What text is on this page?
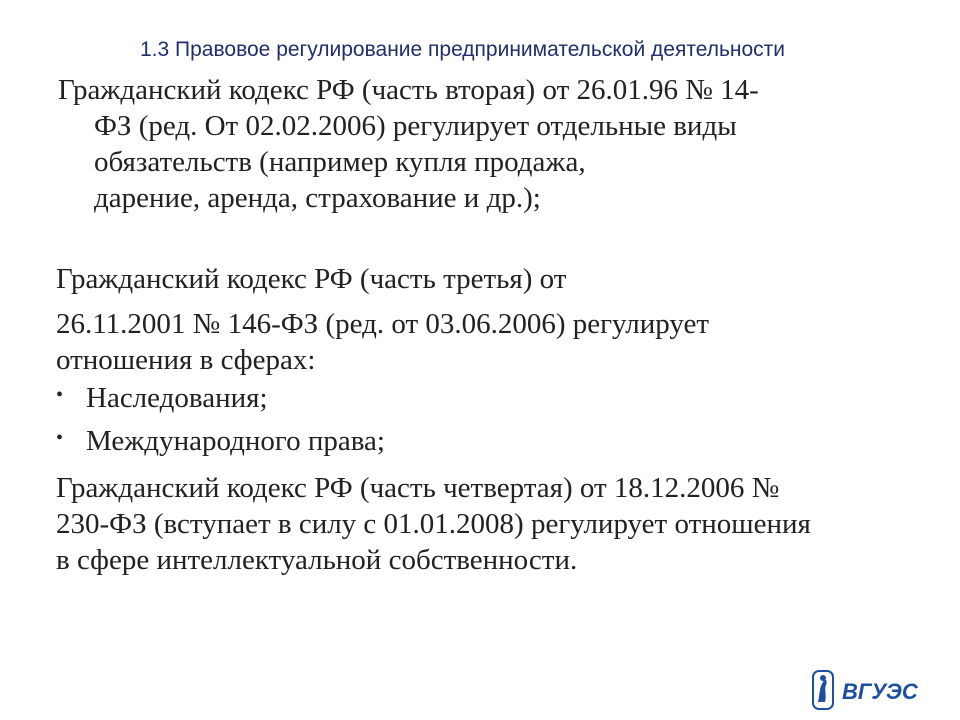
1.3 Правовое регулирование предпринимательской деятельности
Гражданский кодекс РФ (часть вторая) от 26.01.96 № 14-
ФЗ (ред. От 02.02.2006) регулирует отдельные виды
обязательств (например купля продажа,
дарение, аренда, страхование и др.);
Гражданский кодекс РФ (часть третья) от
26.11.2001 № 146-ФЗ (ред. от 03.06.2006) регулирует
отношения в сферах:
• Наследования;
• Международного права;
Гражданский кодекс РФ (часть четвертая) от 18.12.2006 №
230-ФЗ (вступает в силу с 01.01.2008) регулирует отношения
в сфере интеллектуальной собственности.
ВГУЭС
